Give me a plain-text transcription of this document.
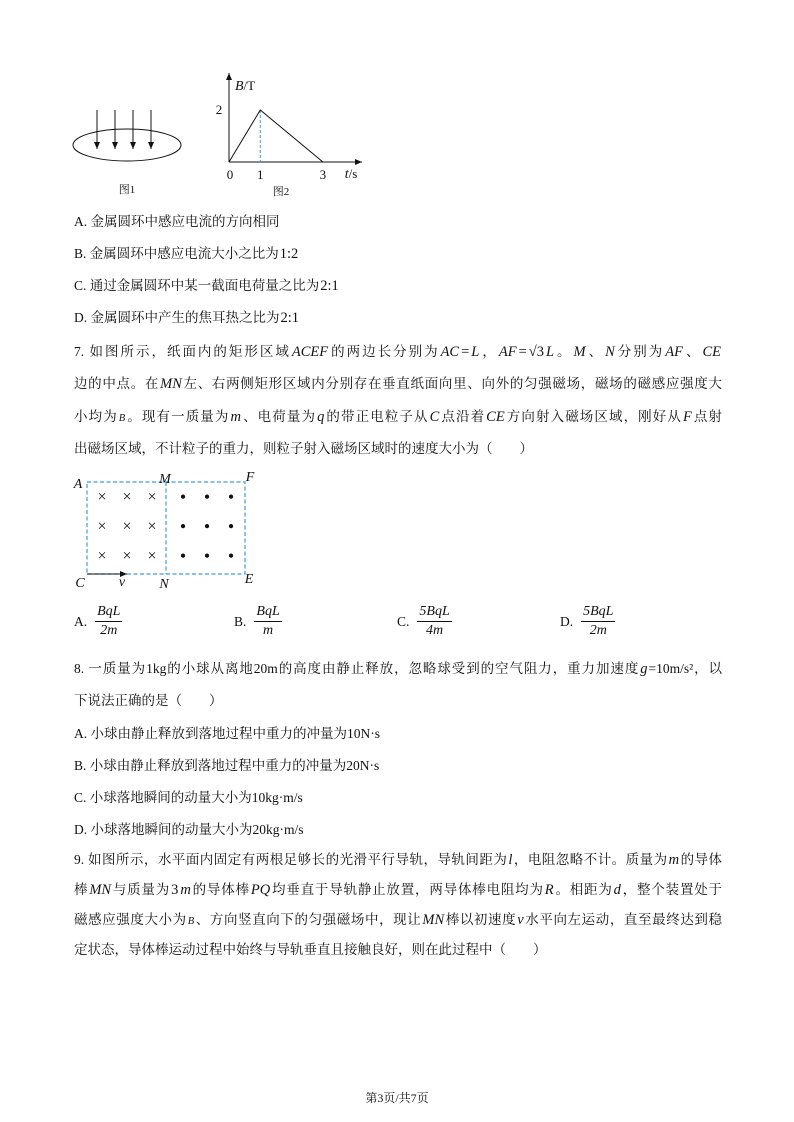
图1
2
0 1	3
B/T
t/s
图2
A. 金属圆环中感应电流的方向相同
B. 金属圆环中感应电流大小之比为1:2
C. 通过金属圆环中某一截面电荷量之比为2:1
D. 金属圆环中产生的焦耳热之比为2:1
7. 如图所示，纸面内的矩形区域ACEF的两边长分别为AC = L，AF = √3 L。M、N分别为AF、CE
边的中点。在MN左、右两侧矩形区域内分别存在垂直纸面向里、向外的匀强磁场，磁场的磁感应强度大
小均为B。现有一质量为m、电荷量为q的带正电粒子从C点沿着CE方向射入磁场区域，刚好从F点射
出磁场区域，不计粒子的重力，则粒子射入磁场区域时的速度大小为（　　）
×	•
×	•
×	•
×	•
×	•
×	•
×	•
×	•
×	•
A	M	F
C	N	E
v
A. $\frac{\text{BqL}}{2m}$	B. $\frac{\text{BqL}}{m}$	C. $\frac{\text{5BqL}}{4m}$	D. $\frac{\text{5BqL}}{2m}$
8. 一质量为1kg的小球从离地20m的高度由静止释放，忽略球受到的空气阻力，重力加速度g=10m/s²，以
下说法正确的是（　　）
A. 小球由静止释放到落地过程中重力的冲量为10N·s
B. 小球由静止释放到落地过程中重力的冲量为20N·s
C. 小球落地瞬间的动量大小为10kg·m/s
D. 小球落地瞬间的动量大小为20kg·m/s
9. 如图所示，水平面内固定有两根足够长的光滑平行导轨，导轨间距为l，电阻忽略不计。质量为m的导体
棒MN与质量为3 m的导体棒PQ均垂直于导轨静止放置，两导体棒电阻均为R。相距为d，整个装置处于
磁感应强度大小为B、方向竖直向下的匀强磁场中，现让MN棒以初速度v水平向左运动，直至最终达到稳
定状态，导体棒运动过程中始终与导轨垂直且接触良好，则在此过程中（　　）
第3页/共7页
